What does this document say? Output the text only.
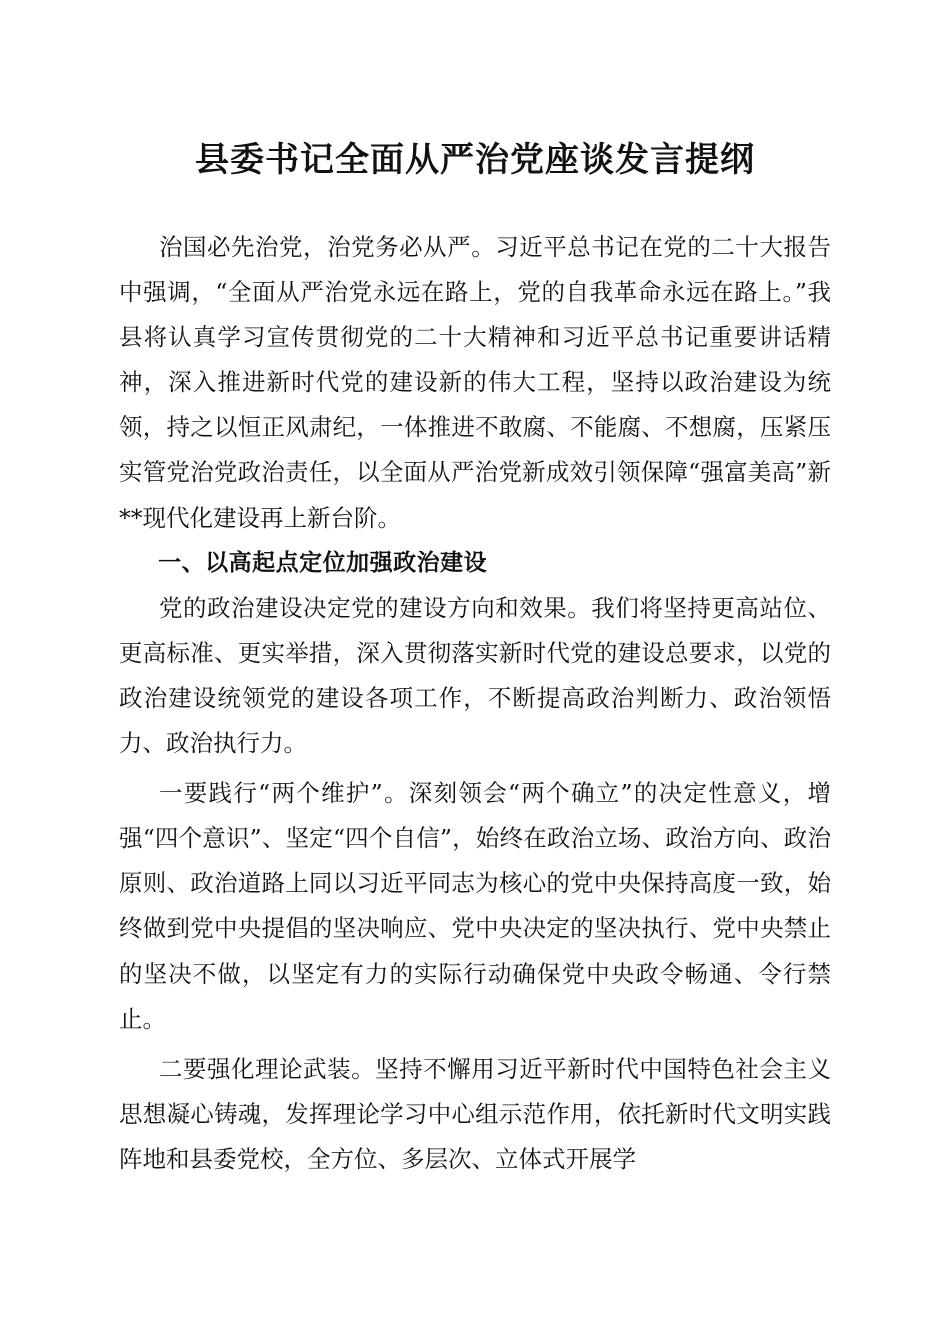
县委书记全面从严治党座谈发言提纲

治国必先治党，治党务必从严。习近平总书记在党的二十大报告中强调，“全面从严治党永远在路上，党的自我革命永远在路上。”我县将认真学习宣传贯彻党的二十大精神和习近平总书记重要讲话精神，深入推进新时代党的建设新的伟大工程，坚持以政治建设为统领，持之以恒正风肃纪，一体推进不敢腐、不能腐、不想腐，压紧压实管党治党政治责任，以全面从严治党新成效引领保障“强富美高”新**现代化建设再上新台阶。

一、以高起点定位加强政治建设

党的政治建设决定党的建设方向和效果。我们将坚持更高站位、更高标准、更实举措，深入贯彻落实新时代党的建设总要求，以党的政治建设统领党的建设各项工作，不断提高政治判断力、政治领悟力、政治执行力。

一要践行“两个维护”。深刻领会“两个确立”的决定性意义，增强“四个意识”、坚定“四个自信”，始终在政治立场、政治方向、政治原则、政治道路上同以习近平同志为核心的党中央保持高度一致，始终做到党中央提倡的坚决响应、党中央决定的坚决执行、党中央禁止的坚决不做，以坚定有力的实际行动确保党中央政令畅通、令行禁止。

二要强化理论武装。坚持不懈用习近平新时代中国特色社会主义思想凝心铸魂，发挥理论学习中心组示范作用，依托新时代文明实践阵地和县委党校，全方位、多层次、立体式开展学
